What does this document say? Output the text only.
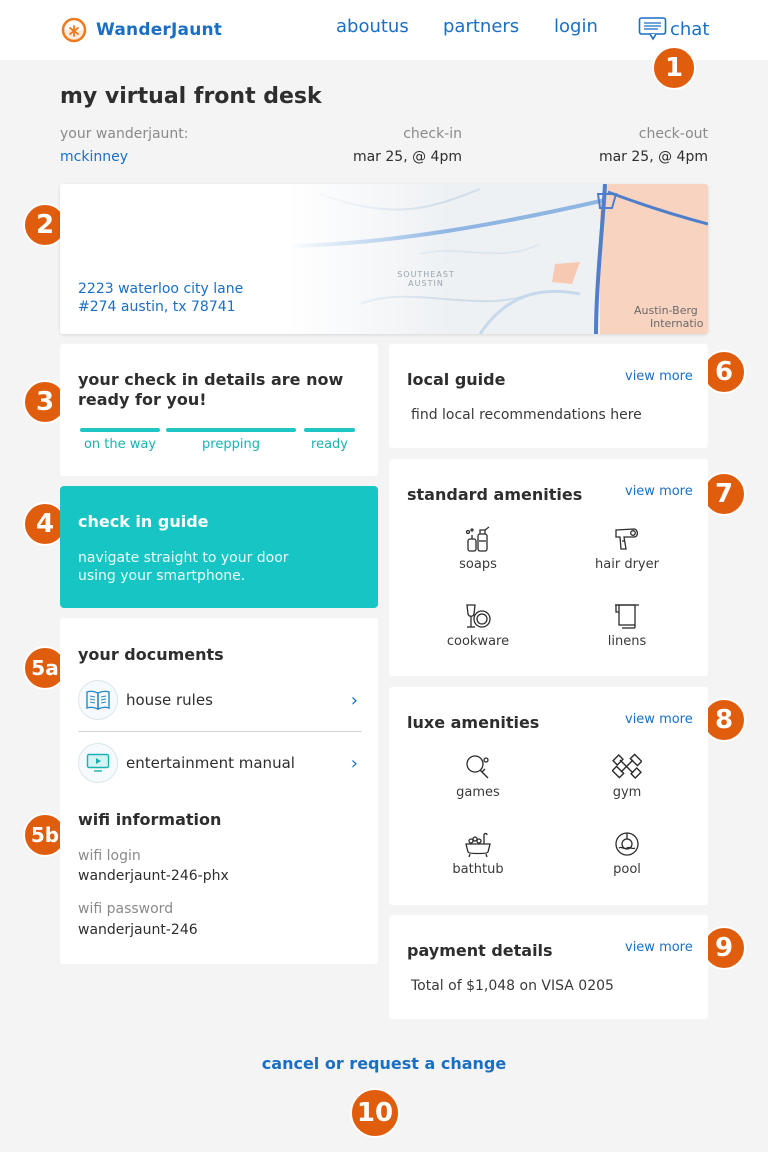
WanderJaunt	aboutus partners login	chat
1
2
3
4
5a
5b
6
7
8
9
10
my virtual front desk
your wanderjaunt:
mckinney
check-in
mar 25, @ 4pm
check-out
mar 25, @ 4pm
SOUTHEAST
AUSTIN
Austin-Berg
Internatio
2223 waterloo city lane
#274 austin, tx 78741
your check in details are now
ready for you!
on the way	prepping	ready
check in guide
navigate straight to your door
using your smartphone.
your documents
house rules	›
entertainment manual	›
wifi information
wifi login
wanderjaunt-246-phx
wifi password
wanderjaunt-246
local guide	view more
find local recommendations here
standard amenities	view more
soaps	hair dryer
cookware	linens
luxe amenities	view more
games	gym
bathtub	pool
payment details	view more
Total of $1,048 on VISA 0205
cancel or request a change
